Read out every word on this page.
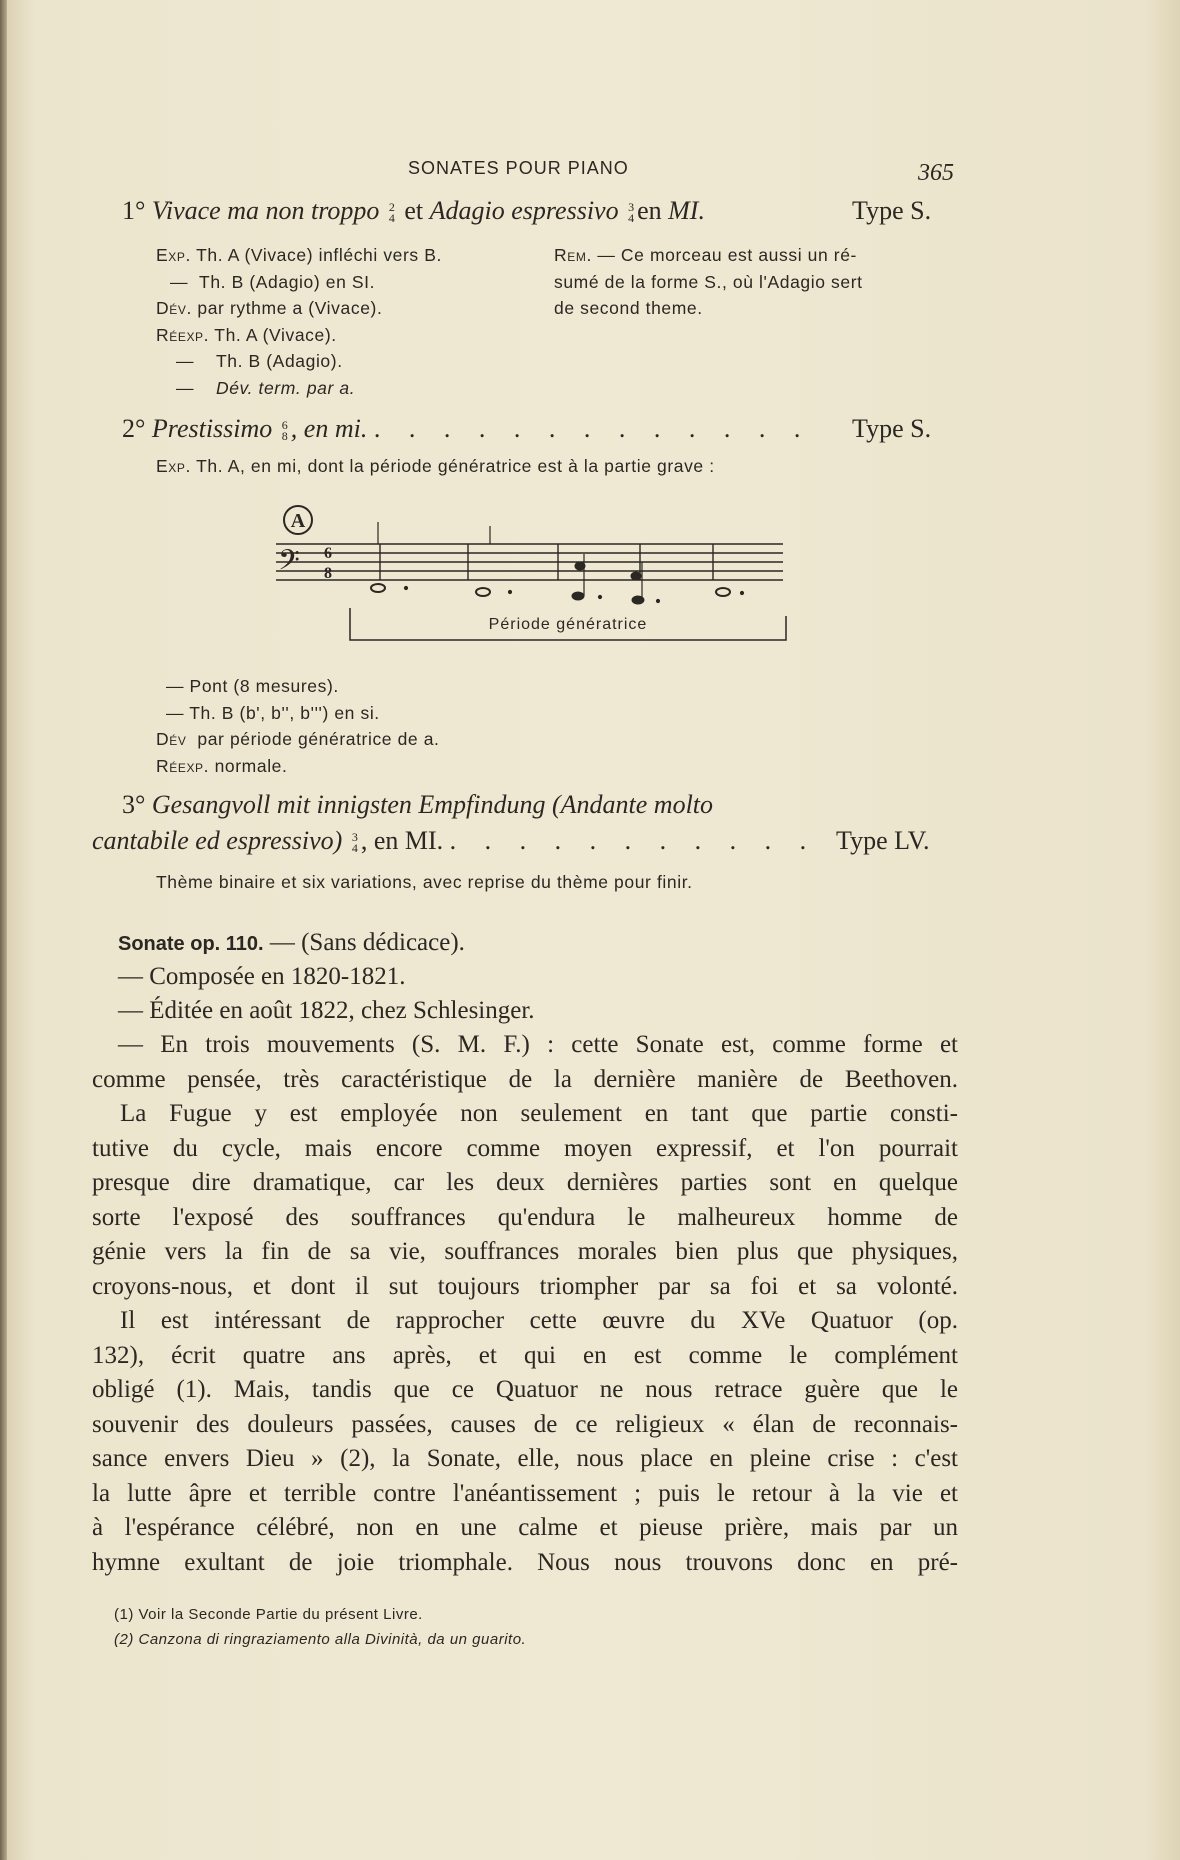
SONATES POUR PIANO	365
1° Vivace ma non troppo 2
4 et Adagio espressivo 3
4 en MI.	Type S.
Exp. Th. A (Vivace) infléchi vers B.
— Th. B (Adagio) en SI.
Dév. par rythme a (Vivace).
Réexp. Th. A (Vivace).
— Th. B (Adagio).
— Dév. term. par a.
Rem. — Ce morceau est aussi un ré-
sumé de la forme S., où l'Adagio sert
de second theme.
2° Prestissimo 6
8 , en mi. . . . . . . . . . . . . . Type S.
Exp. Th. A, en mi, dont la période génératrice est à la partie grave :
A
𝄢 6
8
Période génératrice
— Pont (8 mesures).
— Th. B (b', b'', b''') en si.
Dév par période génératrice de a.
Réexp. normale.
3° Gesangvoll mit innigsten Empfindung (Andante molto
cantabile ed espressivo) 3
4 , en MI. . . . . . . . . . . . Type LV.
Thème binaire et six variations, avec reprise du thème pour finir.
Sonate op. 110. — (Sans dédicace).
— Composée en 1820-1821.
— Éditée en août 1822, chez Schlesinger.
— En trois mouvements (S. M. F.) : cette Sonate est, comme forme et
comme pensée, très caractéristique de la dernière manière de Beethoven.
La Fugue y est employée non seulement en tant que partie consti-
tutive du cycle, mais encore comme moyen expressif, et l'on pourrait
presque dire dramatique, car les deux dernières parties sont en quelque
sorte l'exposé des souffrances qu'endura le malheureux homme de
génie vers la fin de sa vie, souffrances morales bien plus que physiques,
croyons-nous, et dont il sut toujours triompher par sa foi et sa volonté.
Il est intéressant de rapprocher cette œuvre du XVe Quatuor (op.
132), écrit quatre ans après, et qui en est comme le complément
obligé (1). Mais, tandis que ce Quatuor ne nous retrace guère que le
souvenir des douleurs passées, causes de ce religieux « élan de reconnais-
sance envers Dieu » (2), la Sonate, elle, nous place en pleine crise : c'est
la lutte âpre et terrible contre l'anéantissement ; puis le retour à la vie et
à l'espérance célébré, non en une calme et pieuse prière, mais par un
hymne exultant de joie triomphale. Nous nous trouvons donc en pré-
(1) Voir la Seconde Partie du présent Livre.
(2) Canzona di ringraziamento alla Divinità, da un guarito.
